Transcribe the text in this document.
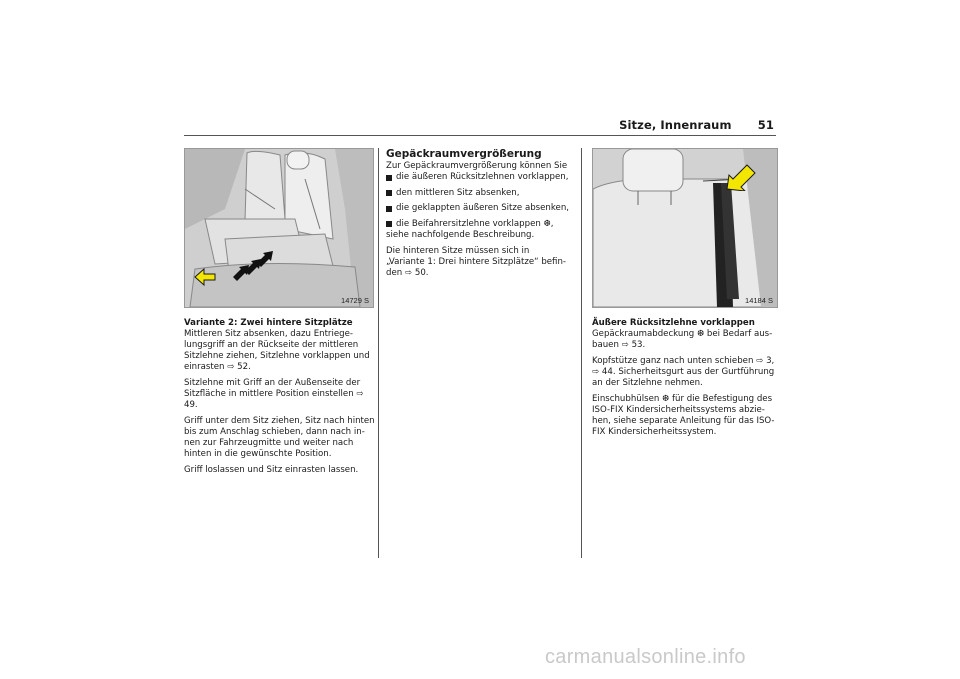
Sitze, Innenraum 51
14729 S	14184 S
Variante 2: Zwei hintere Sitzplätze

Mittleren Sitz absenken, dazu Entriege-
lungsgriff an der Rückseite der mittleren
Sitzlehne ziehen, Sitzlehne vorklappen und
einrasten ⇨ 52.

Sitzlehne mit Griff an der Außenseite der
Sitzfläche in mittlere Position einstellen ⇨
49.

Griff unter dem Sitz ziehen, Sitz nach hinten
bis zum Anschlag schieben, dann nach in-
nen zur Fahrzeugmitte und weiter nach
hinten in die gewünschte Position.

Griff loslassen und Sitz einrasten lassen.

Gepäckraumvergrößerung
Zur Gepäckraumvergrößerung können Sie
die äußeren Rücksitzlehnen vorklappen,
den mittleren Sitz absenken,
die geklappten äußeren Sitze absenken,
die Beifahrersitzlehne vorklappen ❆,

siehe nachfolgende Beschreibung.

Die hinteren Sitze müssen sich in
„Variante 1: Drei hintere Sitzplätze“ befin-
den ⇨ 50.

Äußere Rücksitzlehne vorklappen

Gepäckraumabdeckung ❆ bei Bedarf aus-
bauen ⇨ 53.

Kopfstütze ganz nach unten schieben ⇨ 3,
⇨ 44. Sicherheitsgurt aus der Gurtführung
an der Sitzlehne nehmen.

Einschubhülsen ❆ für die Befestigung des
ISO-FIX Kindersicherheitssystems abzie-
hen, siehe separate Anleitung für das ISO-
FIX Kindersicherheitssystem.

carmanualsonline.info
